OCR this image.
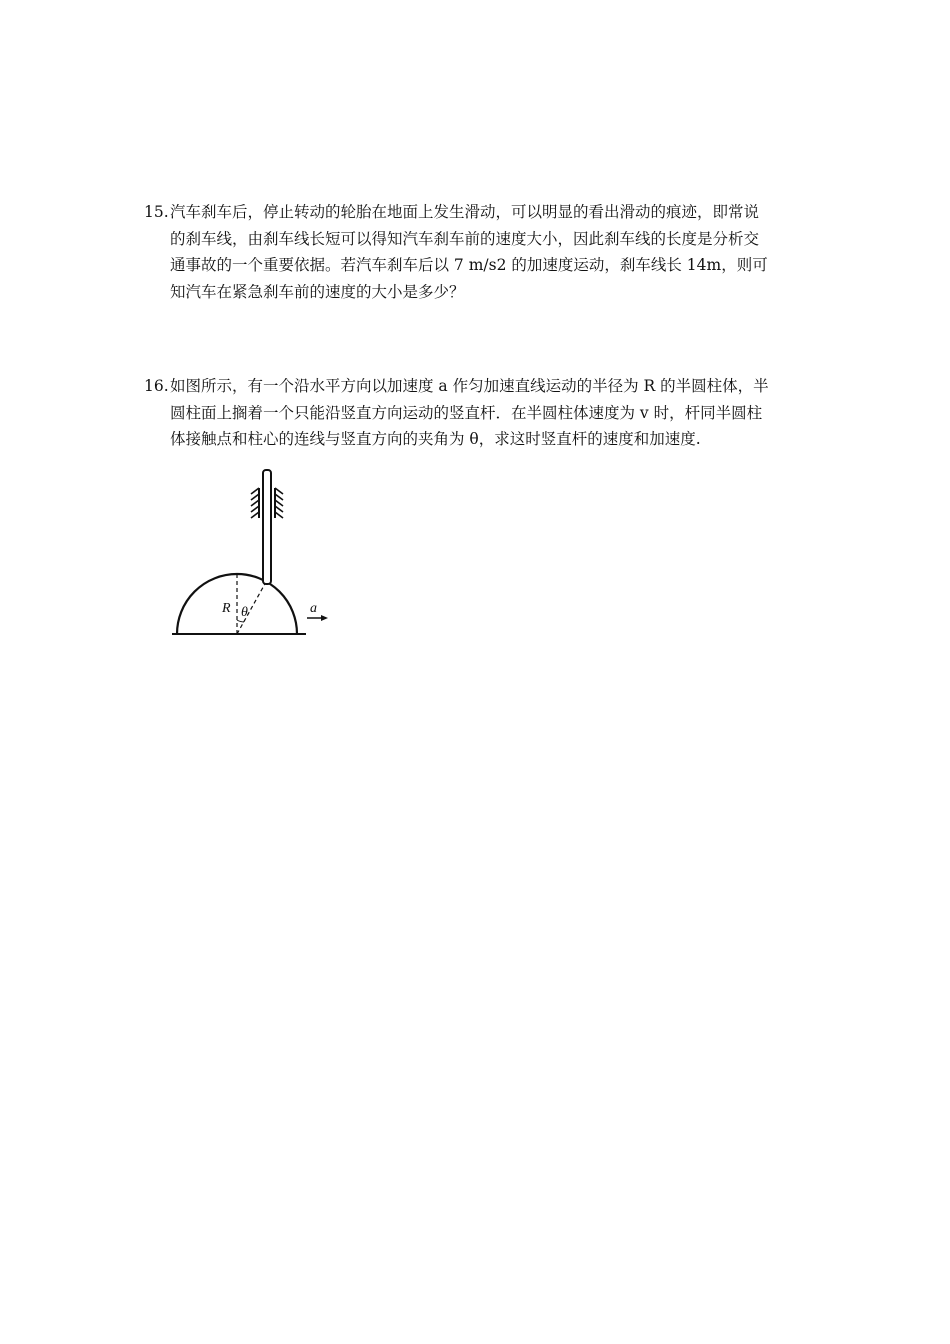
15. 汽车刹车后，停止转动的轮胎在地面上发生滑动，可以明显的看出滑动的痕迹，即常说
的刹车线，由刹车线长短可以得知汽车刹车前的速度大小，因此刹车线的长度是分析交
通事故的一个重要依据。若汽车刹车后以 7 m/s2 的加速度运动，刹车线长 14m，则可
知汽车在紧急刹车前的速度的大小是多少？
16. 如图所示，有一个沿水平方向以加速度 a 作匀加速直线运动的半径为 R 的半圆柱体，半
圆柱面上搁着一个只能沿竖直方向运动的竖直杆．在半圆柱体速度为 v 时，杆同半圆柱
体接触点和柱心的连线与竖直方向的夹角为 θ，求这时竖直杆的速度和加速度.
R θ	a
